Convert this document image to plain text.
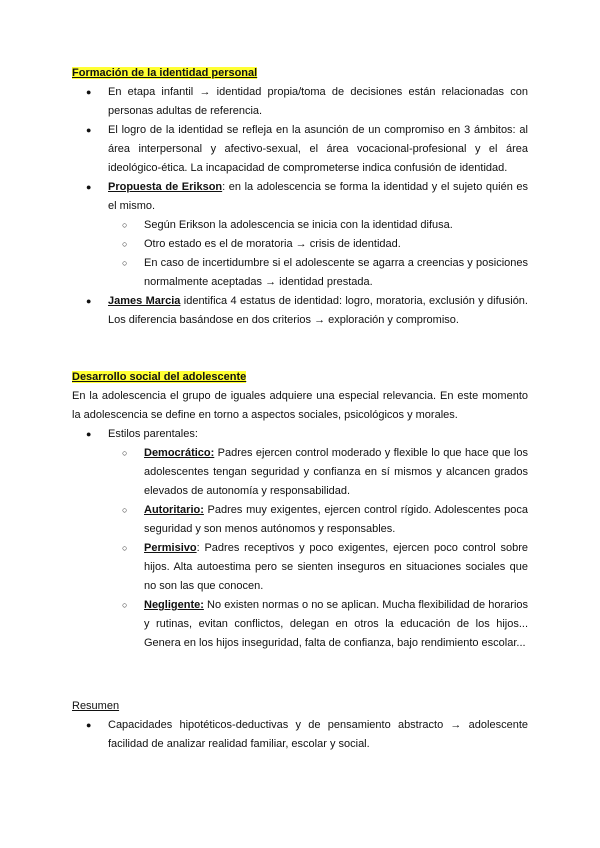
Formación de la identidad personal

● En etapa infantil → identidad propia/toma de decisiones están relacionadas con personas adultas de referencia.
● El logro de la identidad se refleja en la asunción de un compromiso en 3 ámbitos: al área interpersonal y afectivo-sexual, el área vocacional-profesional y el área ideológico-ética. La incapacidad de comprometerse indica confusión de identidad.
● Propuesta de Erikson: en la adolescencia se forma la identidad y el sujeto quién es el mismo.
○ Según Erikson la adolescencia se inicia con la identidad difusa.
○ Otro estado es el de moratoria → crisis de identidad.
○ En caso de incertidumbre si el adolescente se agarra a creencias y posiciones normalmente aceptadas → identidad prestada.
● James Marcia identifica 4 estatus de identidad: logro, moratoria, exclusión y difusión. Los diferencia basándose en dos criterios → exploración y compromiso.

Desarrollo social del adolescente

En la adolescencia el grupo de iguales adquiere una especial relevancia. En este momento la adolescencia se define en torno a aspectos sociales, psicológicos y morales.

● Estilos parentales:
○ Democrático: Padres ejercen control moderado y flexible lo que hace que los adolescentes tengan seguridad y confianza en sí mismos y alcancen grados elevados de autonomía y responsabilidad.
○ Autoritario: Padres muy exigentes, ejercen control rígido. Adolescentes poca seguridad y son menos autónomos y responsables.
○ Permisivo: Padres receptivos y poco exigentes, ejercen poco control sobre hijos. Alta autoestima pero se sienten inseguros en situaciones sociales que no son las que conocen.
○ Negligente: No existen normas o no se aplican. Mucha flexibilidad de horarios y rutinas, evitan conflictos, delegan en otros la educación de los hijos... Genera en los hijos inseguridad, falta de confianza, bajo rendimiento escolar...

Resumen

● Capacidades hipotéticos-deductivas y de pensamiento abstracto → adolescente facilidad de analizar realidad familiar, escolar y social.
